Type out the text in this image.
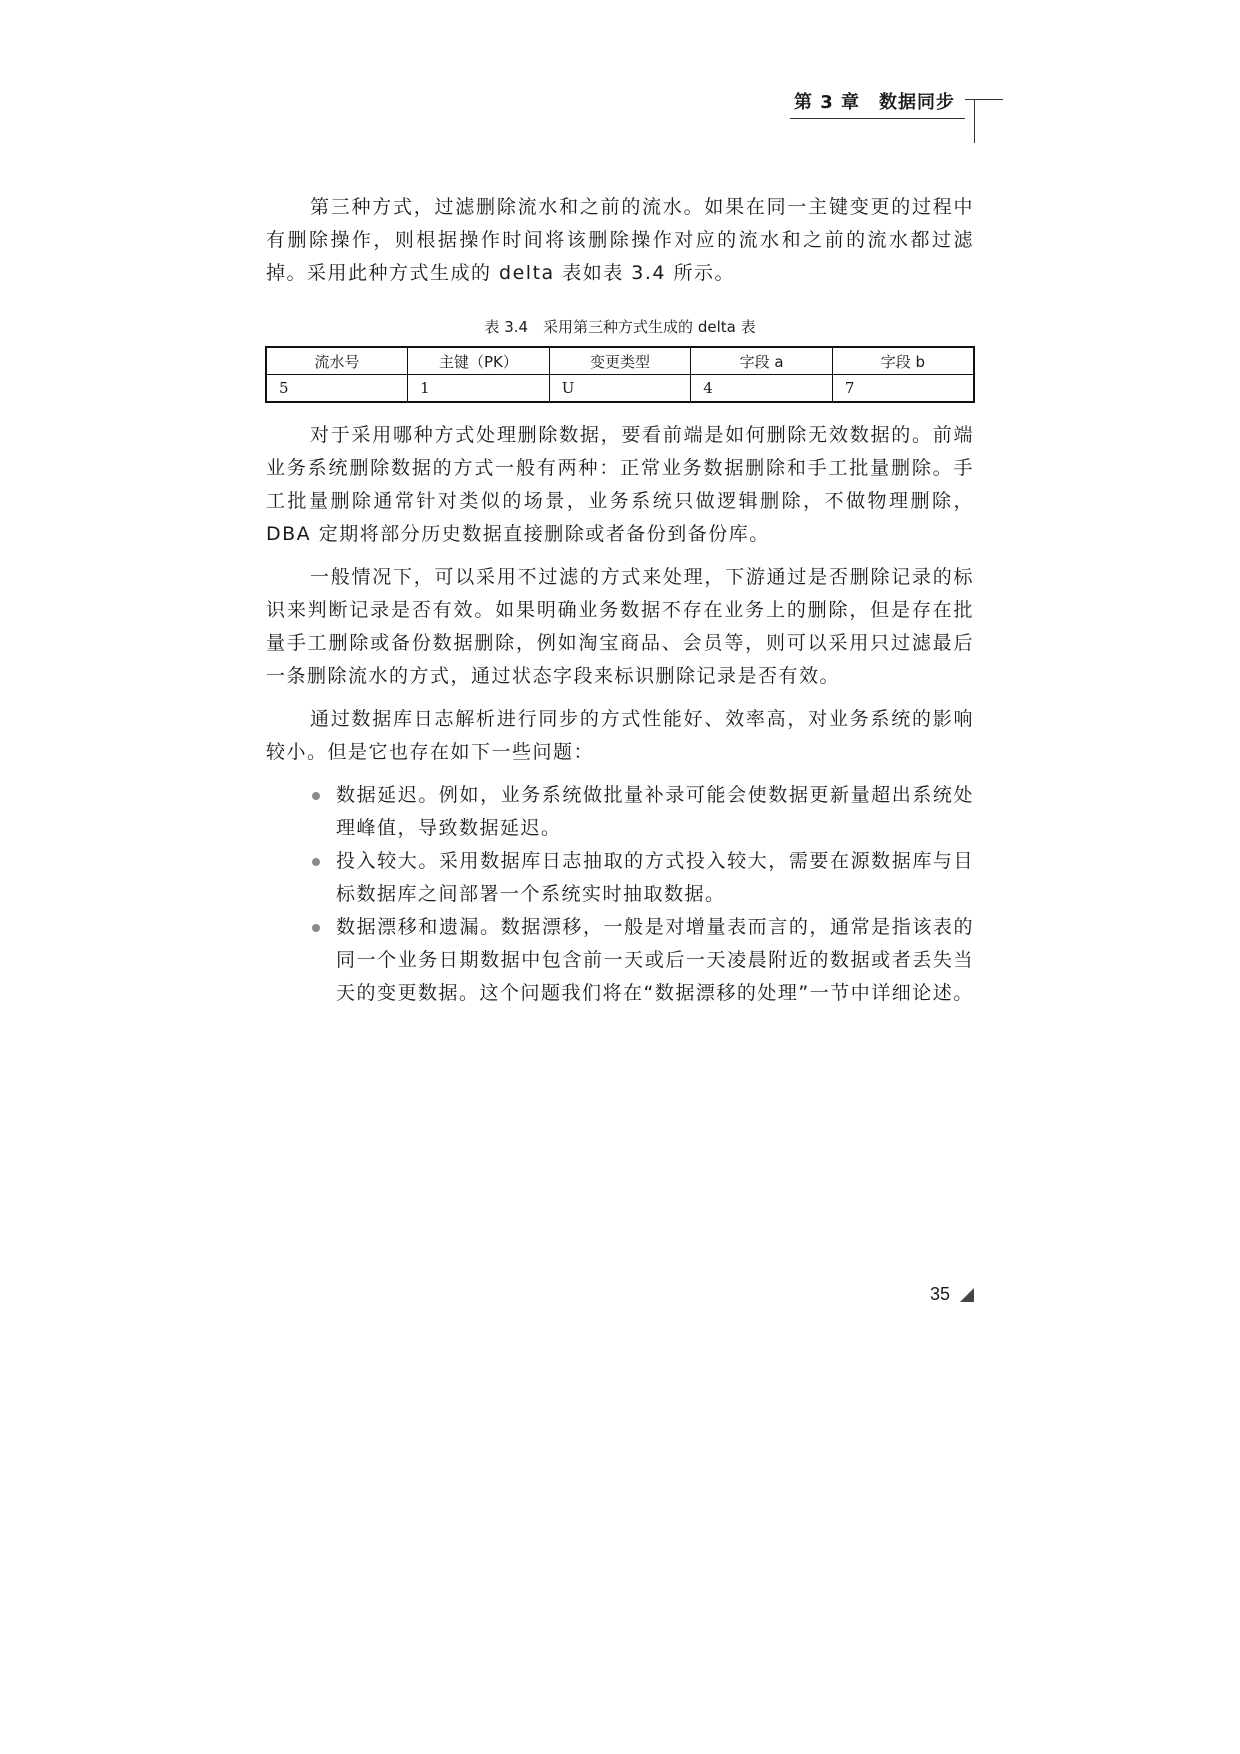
第 3 章　数据同步

第三种方式，过滤删除流水和之前的流水。如果在同一主键变更的过程中有删除操作，则根据操作时间将该删除操作对应的流水和之前的流水都过滤掉。采用此种方式生成的 delta 表如表 3.4 所示。

表 3.4　采用第三种方式生成的 delta 表
流水号	主键（PK）	变更类型	字段 a	字段 b
5	1	U	4	7

对于采用哪种方式处理删除数据，要看前端是如何删除无效数据的。前端业务系统删除数据的方式一般有两种：正常业务数据删除和手工批量删除。手工批量删除通常针对类似的场景，业务系统只做逻辑删除，不做物理删除，DBA 定期将部分历史数据直接删除或者备份到备份库。

一般情况下，可以采用不过滤的方式来处理，下游通过是否删除记录的标识来判断记录是否有效。如果明确业务数据不存在业务上的删除，但是存在批量手工删除或备份数据删除，例如淘宝商品、会员等，则可以采用只过滤最后一条删除流水的方式，通过状态字段来标识删除记录是否有效。

通过数据库日志解析进行同步的方式性能好、效率高，对业务系统的影响较小。但是它也存在如下一些问题：

数据延迟。例如，业务系统做批量补录可能会使数据更新量超出系统处理峰值，导致数据延迟。
投入较大。采用数据库日志抽取的方式投入较大，需要在源数据库与目标数据库之间部署一个系统实时抽取数据。
数据漂移和遗漏。数据漂移，一般是对增量表而言的，通常是指该表的同一个业务日期数据中包含前一天或后一天凌晨附近的数据或者丢失当天的变更数据。这个问题我们将在“数据漂移的处理”一节中详细论述。
35
